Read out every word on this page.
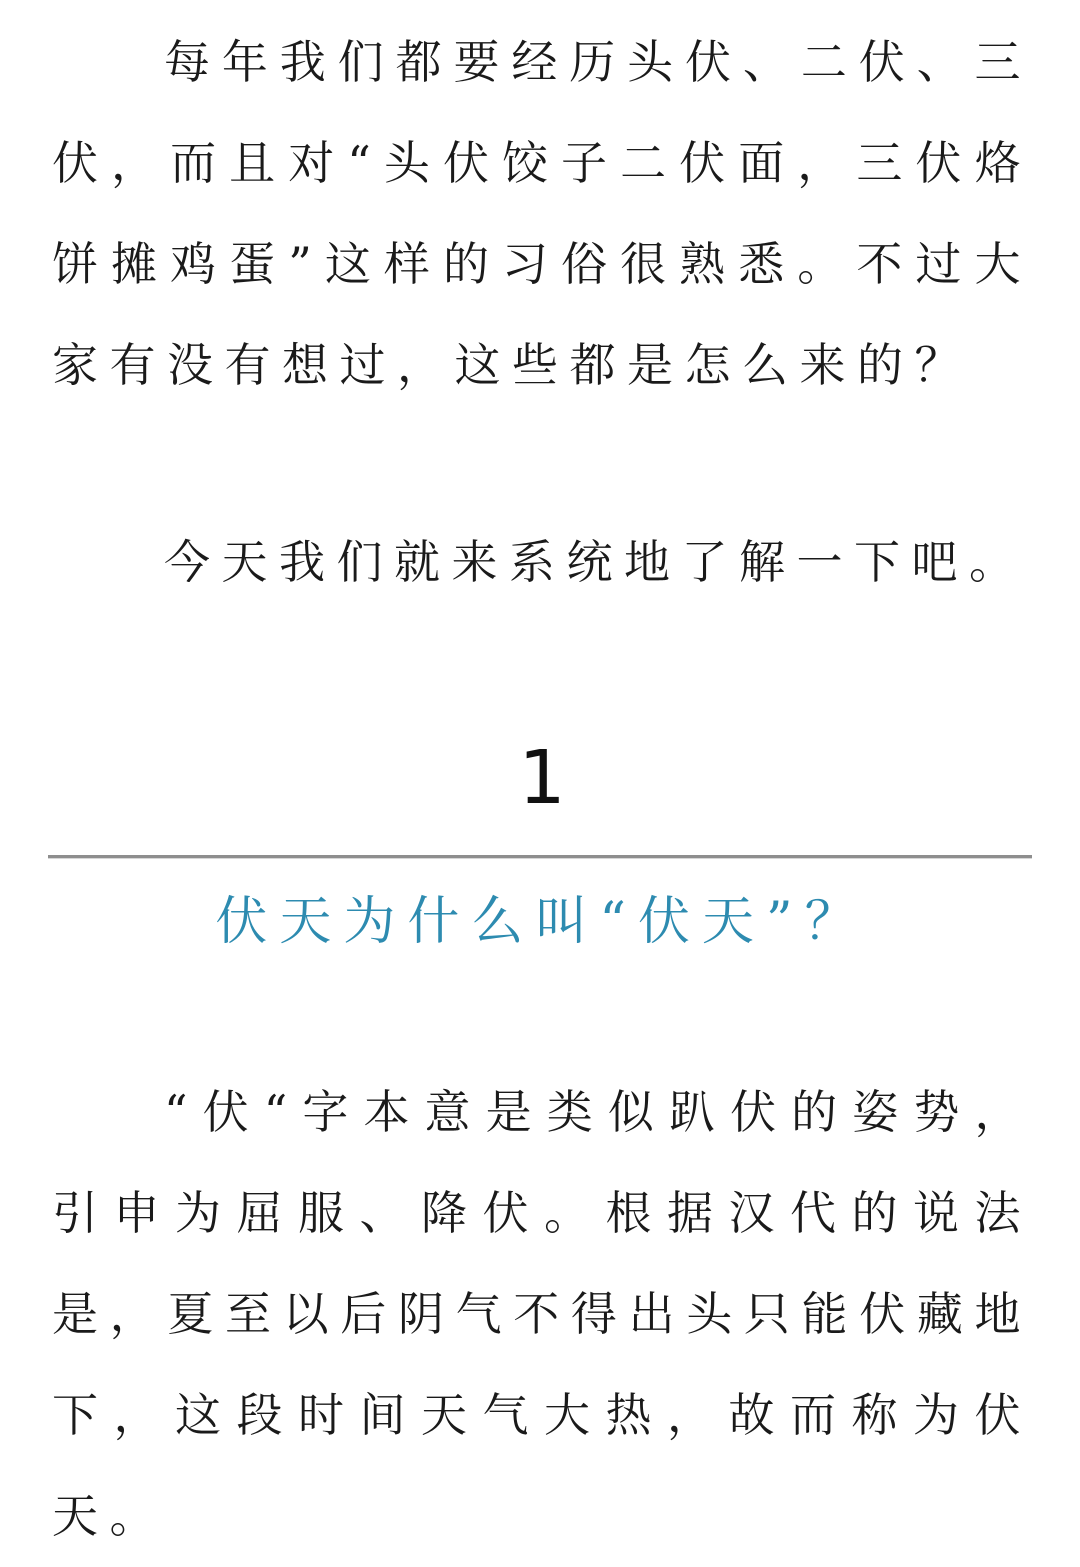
每年我们都要经历头伏、二伏、三伏，而且对“头伏饺子二伏面，三伏烙饼摊鸡蛋”这样的习俗很熟悉。不过大家有没有想过，这些都是怎么来的？

今天我们就来系统地了解一下吧。

1
伏天为什么叫“伏天”？

“伏“字本意是类似趴伏的姿势，引申为屈服、降伏。根据汉代的说法是，夏至以后阴气不得出头只能伏藏地下，这段时间天气大热，故而称为伏天。
